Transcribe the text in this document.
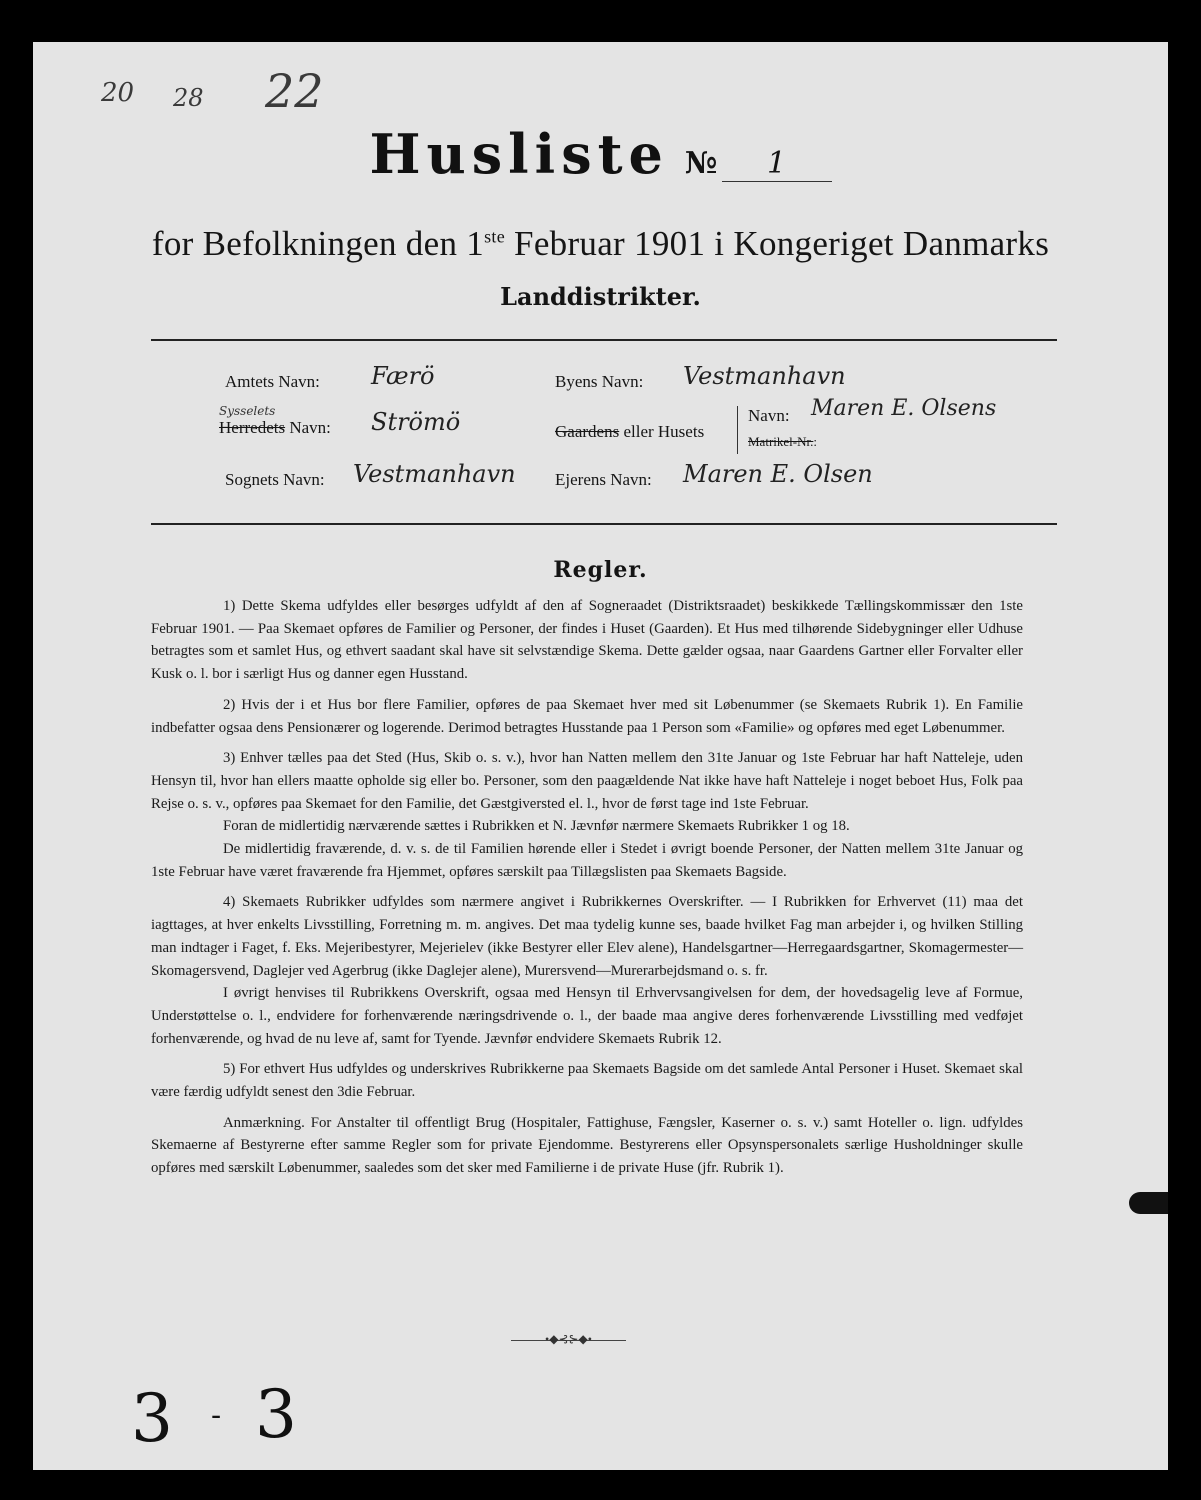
20 28 22
Husliste № 1
for Befolkningen den 1ste Februar 1901 i Kongeriget Danmarks
Landdistrikter.
Amtets Navn: Færö	Byens Navn: Vestmanhavn
Sysselets
Herredets Navn: Strömö	Gaardens eller Husets
Navn: Maren E. Olsens
Matrikel-Nr.:
Sognets Navn: Vestmanhavn Ejerens Navn: Maren E. Olsen
Regler.

1) Dette Skema udfyldes eller besørges udfyldt af den af Sogneraadet (Distriktsraadet) beskikkede Tællingskommissær den 1ste Februar 1901. — Paa Skemaet opføres de Familier og Personer, der findes i Huset (Gaarden). Et Hus med tilhørende Sidebygninger eller Udhuse betragtes som et samlet Hus, og ethvert saadant skal have sit selvstændige Skema. Dette gælder ogsaa, naar Gaardens Gartner eller Forvalter eller Kusk o. l. bor i særligt Hus og danner egen Husstand.

2) Hvis der i et Hus bor flere Familier, opføres de paa Skemaet hver med sit Løbenummer (se Skemaets Rubrik 1). En Familie indbefatter ogsaa dens Pensionærer og logerende. Derimod betragtes Husstande paa 1 Person som «Familie» og opføres med eget Løbenummer.

3) Enhver tælles paa det Sted (Hus, Skib o. s. v.), hvor han Natten mellem den 31te Januar og 1ste Februar har haft Natteleje, uden Hensyn til, hvor han ellers maatte opholde sig eller bo. Personer, som den paagældende Nat ikke have haft Natteleje i noget beboet Hus, Folk paa Rejse o. s. v., opføres paa Skemaet for den Familie, det Gæstgiversted el. l., hvor de først tage ind 1ste Februar.

Foran de midlertidig nærværende sættes i Rubrikken et N. Jævnfør nærmere Skemaets Rubrikker 1 og 18.

De midlertidig fraværende, d. v. s. de til Familien hørende eller i Stedet i øvrigt boende Personer, der Natten mellem 31te Januar og 1ste Februar have været fraværende fra Hjemmet, opføres særskilt paa Tillægslisten paa Skemaets Bagside.

4) Skemaets Rubrikker udfyldes som nærmere angivet i Rubrikkernes Overskrifter. — I Rubrikken for Erhvervet (11) maa det iagttages, at hver enkelts Livsstilling, Forretning m. m. angives. Det maa tydelig kunne ses, baade hvilket Fag man arbejder i, og hvilken Stilling man indtager i Faget, f. Eks. Mejeribestyrer, Mejerielev (ikke Bestyrer eller Elev alene), Handelsgartner—Herregaardsgartner, Skomagermester—Skomagersvend, Daglejer ved Agerbrug (ikke Daglejer alene), Murersvend—Murerarbejdsmand o. s. fr.

I øvrigt henvises til Rubrikkens Overskrift, ogsaa med Hensyn til Erhvervsangivelsen for dem, der hovedsagelig leve af Formue, Understøttelse o. l., endvidere for forhenværende næringsdrivende o. l., der baade maa angive deres forhenværende Livsstilling med vedføjet forhenværende, og hvad de nu leve af, samt for Tyende. Jævnfør endvidere Skemaets Rubrik 12.

5) For ethvert Hus udfyldes og underskrives Rubrikkerne paa Skemaets Bagside om det samlede Antal Personer i Huset. Skemaet skal være færdig udfyldt senest den 3die Februar.

Anmærkning. For Anstalter til offentligt Brug (Hospitaler, Fattighuse, Fængsler, Kaserner o. s. v.) samt Hoteller o. lign. udfyldes Skemaerne af Bestyrerne efter samme Regler som for private Ejendomme. Bestyrerens eller Opsynspersonalets særlige Husholdninger skulle opføres med særskilt Løbenummer, saaledes som det sker med Familierne i de private Huse (jfr. Rubrik 1).

•◆⊰⊱◆•
3 - 3
